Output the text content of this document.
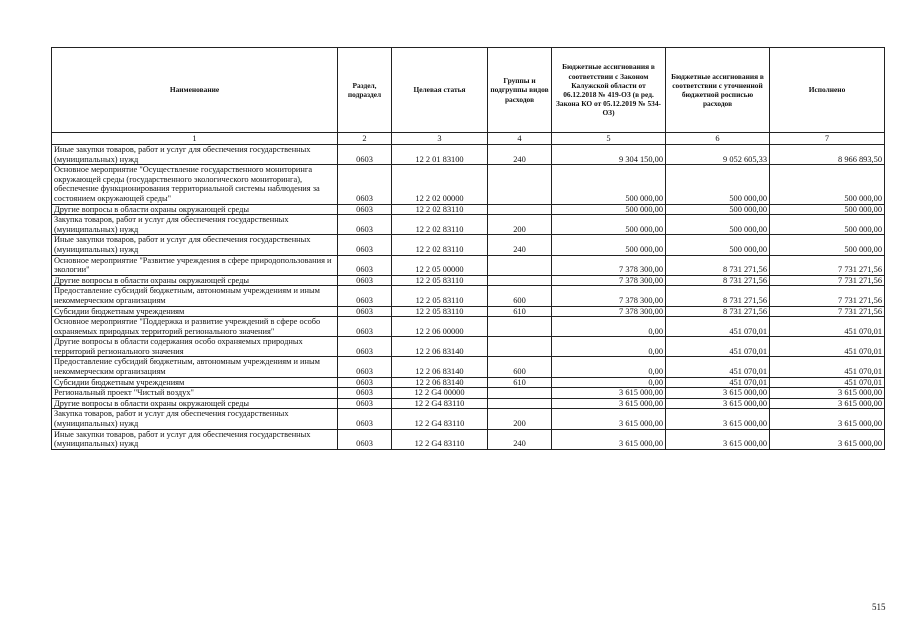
Наименование	Раздел, подраздел	Целевая статья	Группы и подгруппы видов расходов	Бюджетные ассигнования в соответствии с Законом Калужской области от 06.12.2018 № 419-ОЗ (в ред. Закона КО от 05.12.2019 № 534-ОЗ)	Бюджетные ассигнования в соответствии с уточненной бюджетной росписью расходов	Исполнено
1	2	3	4	5	6	7
Иные закупки товаров, работ и услуг для обеспечения государственных (муниципальных) нужд	0603	12 2 01 83100	240	9 304 150,00	9 052 605,33	8 966 893,50
Основное мероприятие "Осуществление государственного мониторинга окружающей среды (государственного экологического мониторинга), обеспечение функционирования территориальной системы наблюдения за состоянием окружающей среды"	0603	12 2 02 00000		500 000,00	500 000,00	500 000,00
Другие вопросы в области охраны окружающей среды	0603	12 2 02 83110		500 000,00	500 000,00	500 000,00
Закупка товаров, работ и услуг для обеспечения государственных (муниципальных) нужд	0603	12 2 02 83110	200	500 000,00	500 000,00	500 000,00
Иные закупки товаров, работ и услуг для обеспечения государственных (муниципальных) нужд	0603	12 2 02 83110	240	500 000,00	500 000,00	500 000,00
Основное мероприятие "Развитие учреждения в сфере природопользования и экологии"	0603	12 2 05 00000		7 378 300,00	8 731 271,56	7 731 271,56
Другие вопросы в области охраны окружающей среды	0603	12 2 05 83110		7 378 300,00	8 731 271,56	7 731 271,56
Предоставление субсидий бюджетным, автономным учреждениям и иным некоммерческим организациям	0603	12 2 05 83110	600	7 378 300,00	8 731 271,56	7 731 271,56
Субсидии бюджетным учреждениям	0603	12 2 05 83110	610	7 378 300,00	8 731 271,56	7 731 271,56
Основное мероприятие "Поддержка и развитие учреждений в сфере особо охраняемых природных территорий регионального значения"	0603	12 2 06 00000		0,00	451 070,01	451 070,01
Другие вопросы в области содержания особо охраняемых природных территорий регионального значения	0603	12 2 06 83140		0,00	451 070,01	451 070,01
Предоставление субсидий бюджетным, автономным учреждениям и иным некоммерческим организациям	0603	12 2 06 83140	600	0,00	451 070,01	451 070,01
Субсидии бюджетным учреждениям	0603	12 2 06 83140	610	0,00	451 070,01	451 070,01
Региональный проект "Чистый воздух"	0603	12 2 G4 00000		3 615 000,00	3 615 000,00	3 615 000,00
Другие вопросы в области охраны окружающей среды	0603	12 2 G4 83110		3 615 000,00	3 615 000,00	3 615 000,00
Закупка товаров, работ и услуг для обеспечения государственных (муниципальных) нужд	0603	12 2 G4 83110	200	3 615 000,00	3 615 000,00	3 615 000,00
Иные закупки товаров, работ и услуг для обеспечения государственных (муниципальных) нужд	0603	12 2 G4 83110	240	3 615 000,00	3 615 000,00	3 615 000,00
515
